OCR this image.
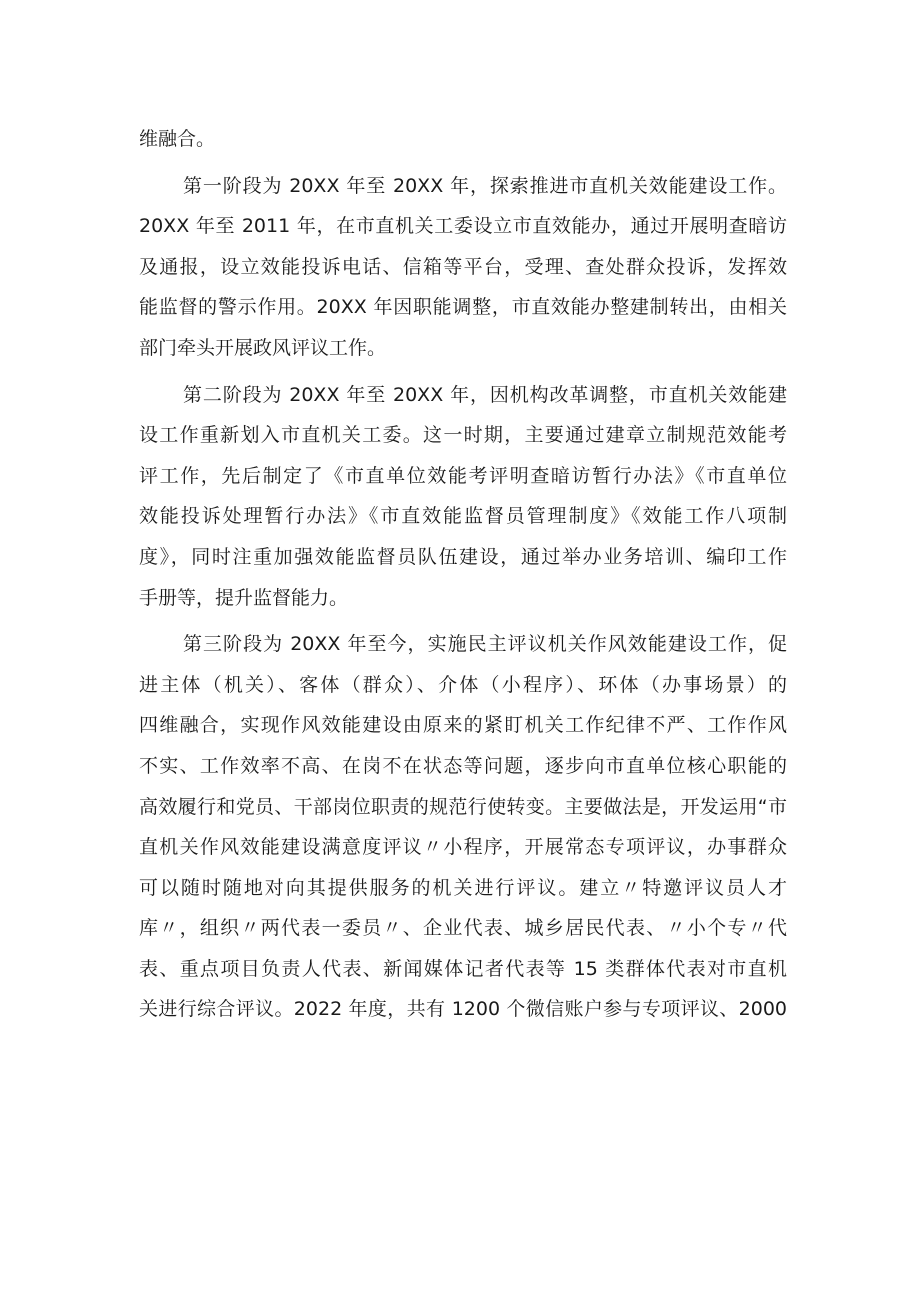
维融合。
第一阶段为 20XX 年至 20XX 年，探索推进市直机关效能建设工作。
20XX 年至 2011 年，在市直机关工委设立市直效能办，通过开展明查暗访
及通报，设立效能投诉电话、信箱等平台，受理、查处群众投诉，发挥效
能监督的警示作用。20XX 年因职能调整，市直效能办整建制转出，由相关
部门牵头开展政风评议工作。
第二阶段为 20XX 年至 20XX 年，因机构改革调整，市直机关效能建
设工作重新划入市直机关工委。这一时期，主要通过建章立制规范效能考
评工作，先后制定了《市直单位效能考评明查暗访暂行办法》《市直单位
效能投诉处理暂行办法》《市直效能监督员管理制度》《效能工作八项制
度》，同时注重加强效能监督员队伍建设，通过举办业务培训、编印工作
手册等，提升监督能力。
第三阶段为 20XX 年至今，实施民主评议机关作风效能建设工作，促
进主体（机关）、客体（群众）、介体（小程序）、环体（办事场景）的
四维融合，实现作风效能建设由原来的紧盯机关工作纪律不严、工作作风
不实、工作效率不高、在岗不在状态等问题，逐步向市直单位核心职能的
高效履行和党员、干部岗位职责的规范行使转变。主要做法是，开发运用“市
直机关作风效能建设满意度评议〃小程序，开展常态专项评议，办事群众
可以随时随地对向其提供服务的机关进行评议。建立〃特邀评议员人才
库〃，组织〃两代表一委员〃、企业代表、城乡居民代表、〃小个专〃代
表、重点项目负责人代表、新闻媒体记者代表等 15 类群体代表对市直机
关进行综合评议。2022 年度，共有 1200 个微信账户参与专项评议、2000
